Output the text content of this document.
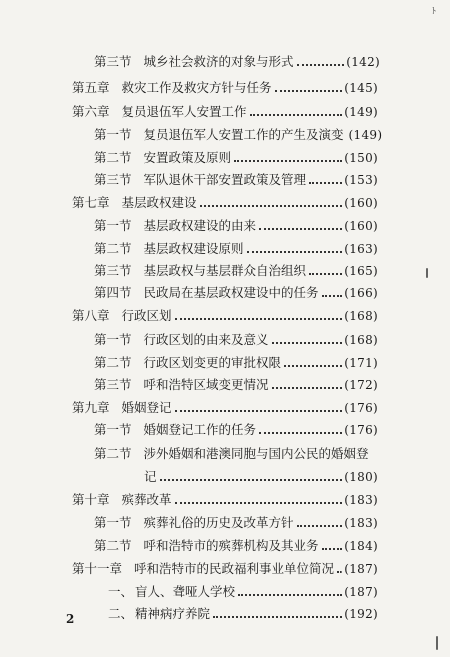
ﾄ
第三节 城乡社会救济的对象与形式	(142)
第五章 救灾工作及救灾方针与任务	(145)
第六章 复员退伍军人安置工作	(149)
第一节 复员退伍军人安置工作的产生及演变 (149)
第二节 安置政策及原则	(150)
第三节 军队退休干部安置政策及管理	(153)
第七章 基层政权建设	(160)
第一节 基层政权建设的由来	(160)
第二节 基层政权建设原则	(163)
第三节 基层政权与基层群众自治组织	(165)
第四节 民政局在基层政权建设中的任务 (166)
第八章 行政区划	(168)
第一节 行政区划的由来及意义	(168)
第二节 行政区划变更的审批权限	(171)
第三节 呼和浩特区域变更情况	(172)
第九章 婚姻登记	(176)
第一节 婚姻登记工作的任务	(176)
第二节 涉外婚姻和港澳同胞与国内公民的婚姻登
记	(180)
第十章 殡葬改革	(183)
第一节 殡葬礼俗的历史及改革方针	(183)
第二节 呼和浩特市的殡葬机构及其业务 (184)
第十一章 呼和浩特市的民政福利事业单位简况 (187)
一、 盲人、聋哑人学校	(187)
二、 精神病疗养院	(192)
2
